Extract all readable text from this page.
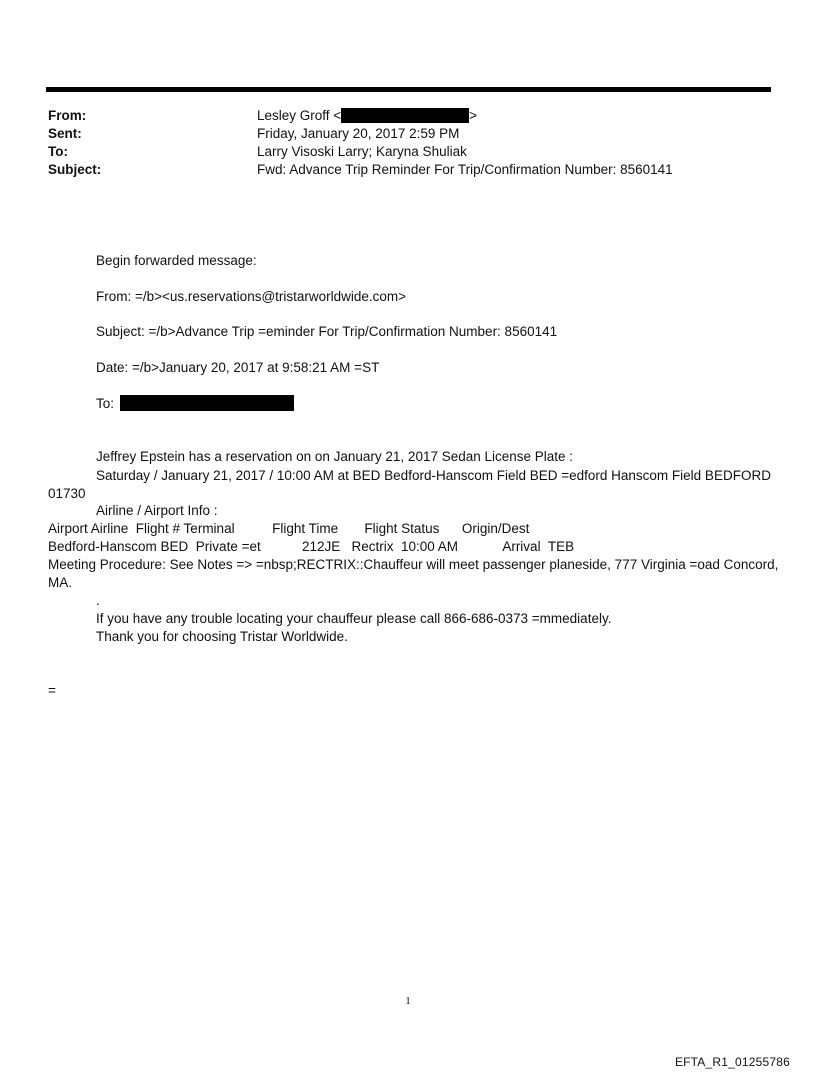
From:	Lesley Groff <	>
Sent:	Friday, January 20, 2017 2:59 PM
To:	Larry Visoski Larry; Karyna Shuliak
Subject:	Fwd: Advance Trip Reminder For Trip/Confirmation Number: 8560141
Begin forwarded message:
From: =/b><us.reservations@tristarworldwide.com>
Subject: =/b>Advance Trip =eminder For Trip/Confirmation Number: 8560141
Date: =/b>January 20, 2017 at 9:58:21 AM =ST
To:
Jeffrey Epstein has a reservation on on January 21, 2017 Sedan License Plate :
Saturday / January 21, 2017 / 10:00 AM at BED Bedford-Hanscom Field BED =edford Hanscom Field BEDFORD
01730
Airline / Airport Info :
Airport Airline  Flight # Terminal          Flight Time       Flight Status      Origin/Dest
Bedford-Hanscom BED  Private =et           212JE   Rectrix  10:00 AM            Arrival  TEB
Meeting Procedure: See Notes => =nbsp;RECTRIX::Chauffeur will meet passenger planeside, 777 Virginia =oad Concord,
MA.
.
If you have any trouble locating your chauffeur please call 866-686-0373 =mmediately.
Thank you for choosing Tristar Worldwide.
=
1
EFTA_R1_01255786
